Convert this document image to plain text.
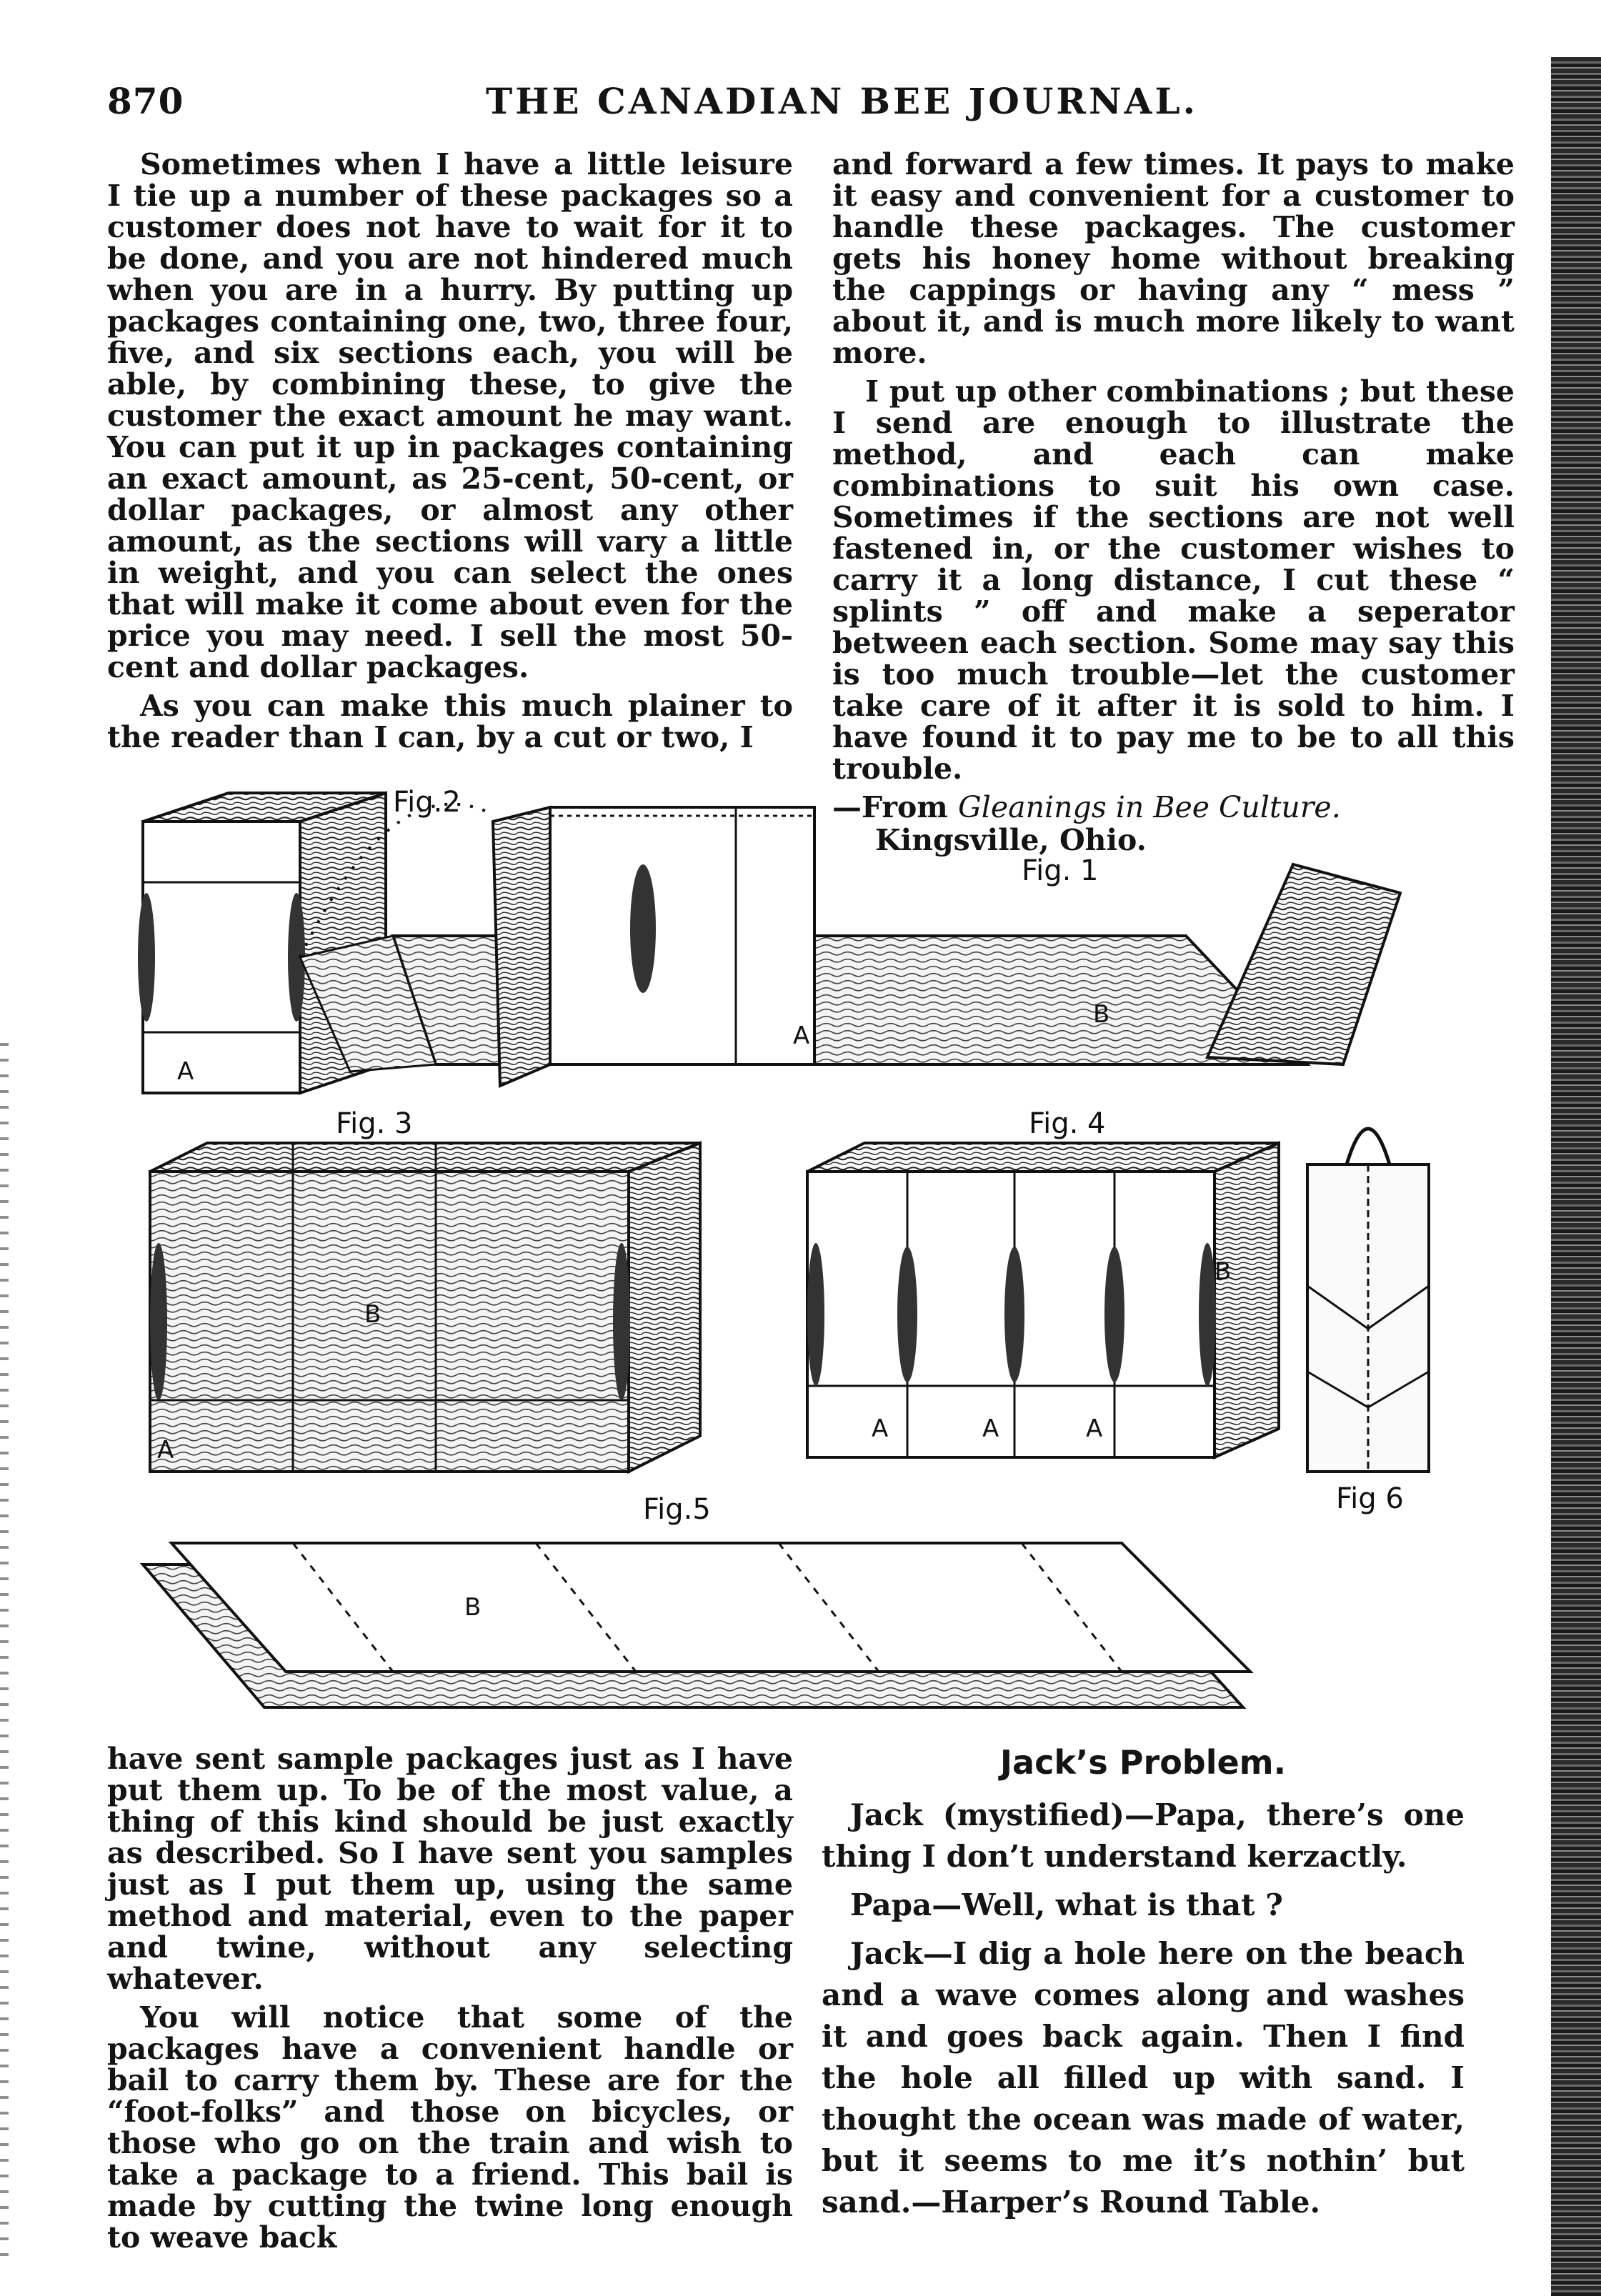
870	THE CANADIAN BEE JOURNAL.

Sometimes when I have a little leisure I tie up a number of these packages so a customer does not have to wait for it to be done, and you are not hindered much when you are in a hurry. By putting up packages containing one, two, three four, five, and six sections each, you will be able, by combining these, to give the customer the exact amount he may want. You can put it up in packages containing an exact amount, as 25-cent, 50-cent, or dollar packages, or almost any other amount, as the sections will vary a little in weight, and you can select the ones that will make it come about even for the price you may need. I sell the most 50-cent and dollar packages.

As you can make this much plainer to the reader than I can, by a cut or two, I

and forward a few times. It pays to make it easy and convenient for a customer to handle these packages. The customer gets his honey home without breaking the cappings or having any “ mess ” about it, and is much more likely to want more.

I put up other combinations ; but these I send are enough to illustrate the method, and each can make combinations to suit his own case. Sometimes if the sections are not well fastened in, or the customer wishes to carry it a long distance, I cut these “ splints ” off and make a seperator between each section. Some may say this is too much trouble—let the customer take care of it after it is sold to him. I have found it to pay me to be to all this trouble.

—From Gleanings in Bee Culture.
Kingsville, Ohio.
Fig.2
Fig. 1
Fig. 3	Fig. 4
Fig.5	Fig 6
A
A
B
A
B
A	A	A
B
B

have sent sample packages just as I have put them up. To be of the most value, a thing of this kind should be just exactly as described. So I have sent you samples just as I put them up, using the same method and material, even to the paper and twine, without any selecting whatever.

You will notice that some of the packages have a convenient handle or bail to carry them by. These are for the “foot-folks” and those on bicycles, or those who go on the train and wish to take a package to a friend. This bail is made by cutting the twine long enough to weave back

Jack’s Problem.

Jack (mystified)—Papa, there’s one thing I don’t understand kerzactly.

Papa—Well, what is that ?

Jack—I dig a hole here on the beach and a wave comes along and washes it and goes back again. Then I find the hole all filled up with sand. I thought the ocean was made of water, but it seems to me it’s nothin’ but sand.—Harper’s Round Table.
